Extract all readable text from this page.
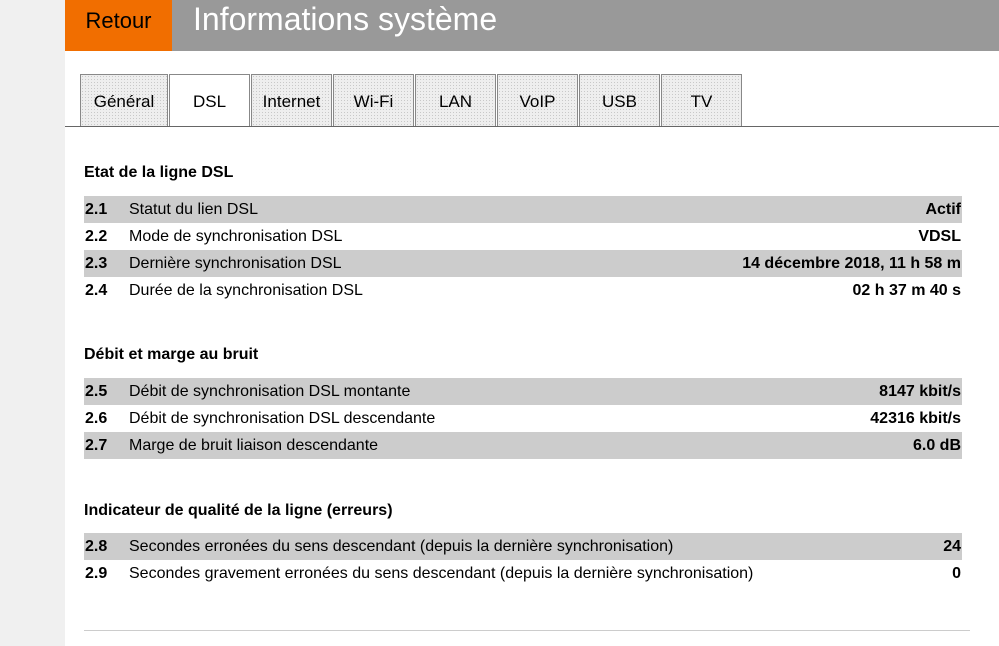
Retour	Informations système
Général	DSL	Internet	Wi-Fi	LAN	VoIP	USB	TV
Etat de la ligne DSL
2.1	Statut du lien DSL	Actif
2.2	Mode de synchronisation DSL	VDSL
2.3	Dernière synchronisation DSL	14 décembre 2018, 11 h 58 m
2.4	Durée de la synchronisation DSL	02 h 37 m 40 s
Débit et marge au bruit
2.5	Débit de synchronisation DSL montante	8147 kbit/s
2.6	Débit de synchronisation DSL descendante	42316 kbit/s
2.7	Marge de bruit liaison descendante	6.0 dB
Indicateur de qualité de la ligne (erreurs)
2.8	Secondes erronées du sens descendant (depuis la dernière synchronisation)	24
2.9	Secondes gravement erronées du sens descendant (depuis la dernière synchronisation)	0
